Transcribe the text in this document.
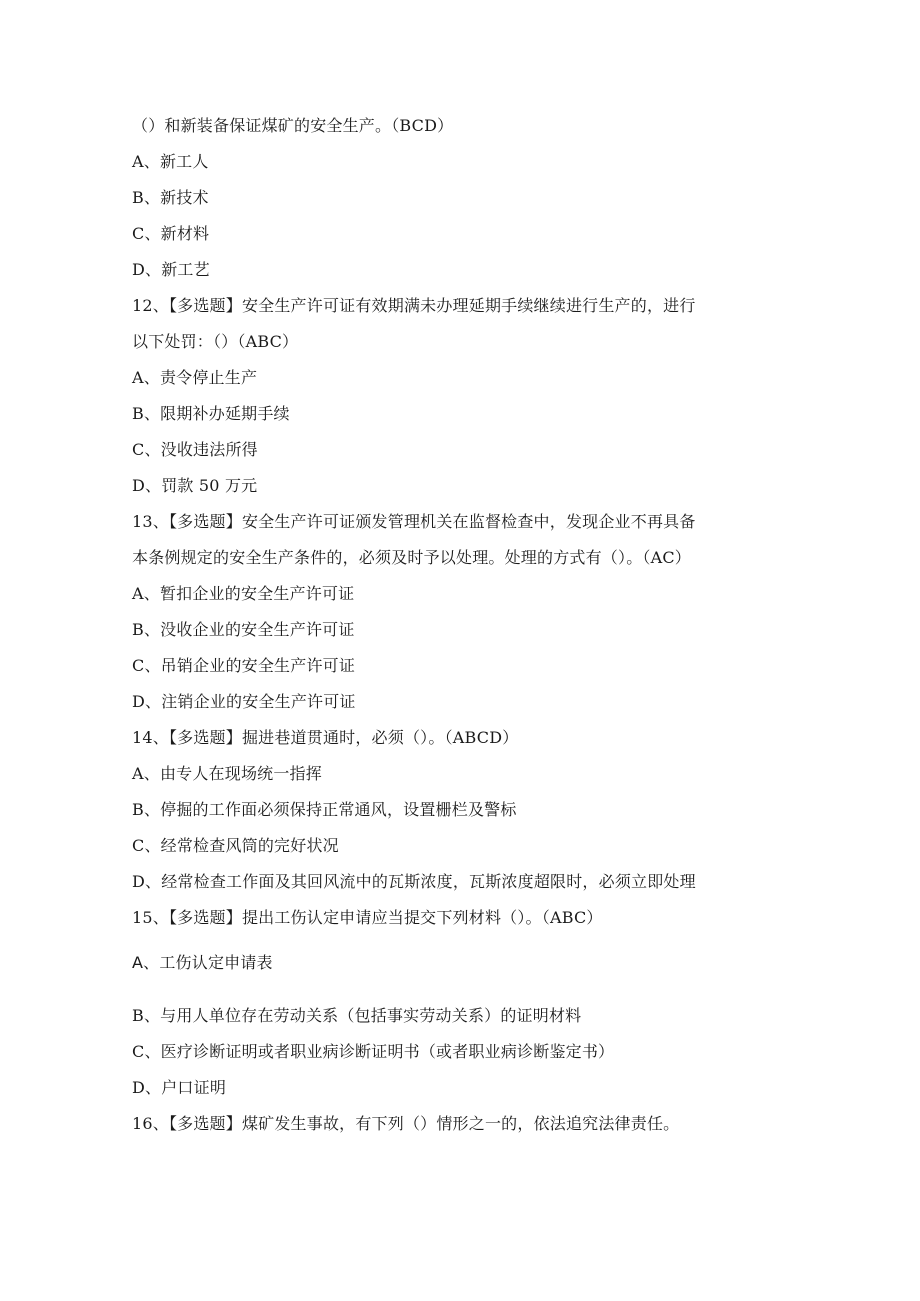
（）和新装备保证煤矿的安全生产。（BCD）
A、新工人
B、新技术
C、新材料
D、新工艺
12、【多选题】安全生产许可证有效期满未办理延期手续继续进行生产的，进行
以下处罚：（）（ABC）
A、责令停止生产
B、限期补办延期手续
C、没收违法所得
D、罚款 50 万元
13、【多选题】安全生产许可证颁发管理机关在监督检查中，发现企业不再具备
本条例规定的安全生产条件的，必须及时予以处理。处理的方式有（）。（AC）
A、暂扣企业的安全生产许可证
B、没收企业的安全生产许可证
C、吊销企业的安全生产许可证
D、注销企业的安全生产许可证
14、【多选题】掘进巷道贯通时，必须（）。（ABCD）
A、由专人在现场统一指挥
B、停掘的工作面必须保持正常通风，设置栅栏及警标
C、经常检查风筒的完好状况
D、经常检查工作面及其回风流中的瓦斯浓度，瓦斯浓度超限时，必须立即处理
15、【多选题】提出工伤认定申请应当提交下列材料（）。（ABC）
A、工伤认定申请表
B、与用人单位存在劳动关系（包括事实劳动关系）的证明材料
C、医疗诊断证明或者职业病诊断证明书（或者职业病诊断鉴定书）
D、户口证明
16、【多选题】煤矿发生事故，有下列（）情形之一的，依法追究法律责任。
